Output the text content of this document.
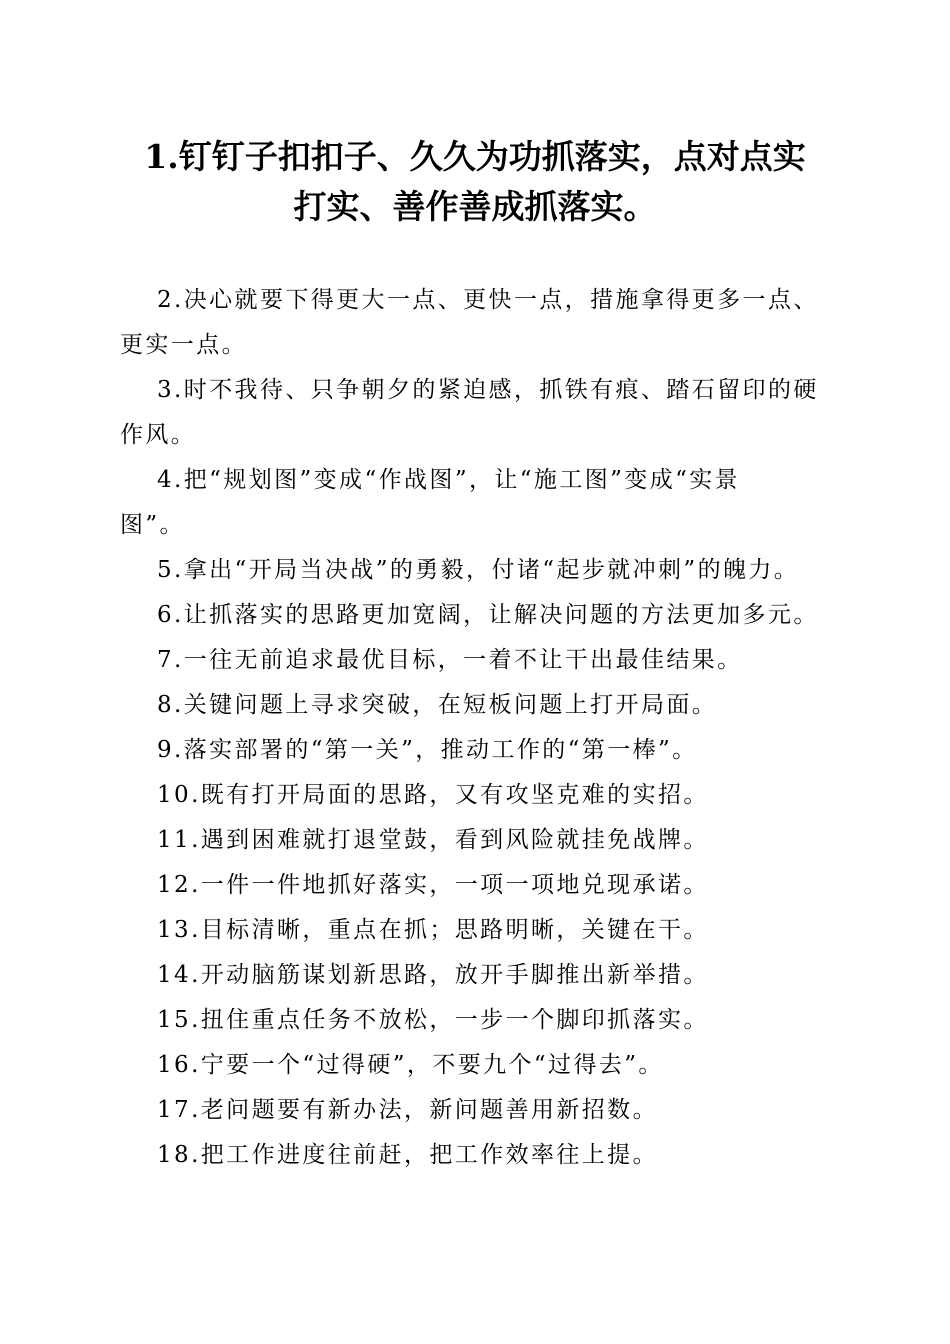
1.钉钉子扣扣子、久久为功抓落实，点对点实
打实、善作善成抓落实。
2.决心就要下得更大一点、更快一点，措施拿得更多一点、
更实一点。
3.时不我待、只争朝夕的紧迫感，抓铁有痕、踏石留印的硬
作风。
4.把“规划图”变成“作战图”，让“施工图”变成“实景
图”。
5.拿出“开局当决战”的勇毅，付诸“起步就冲刺”的魄力。
6.让抓落实的思路更加宽阔，让解决问题的方法更加多元。
7.一往无前追求最优目标，一着不让干出最佳结果。
8.关键问题上寻求突破，在短板问题上打开局面。
9.落实部署的“第一关”，推动工作的“第一棒”。
10.既有打开局面的思路，又有攻坚克难的实招。
11.遇到困难就打退堂鼓，看到风险就挂免战牌。
12.一件一件地抓好落实，一项一项地兑现承诺。
13.目标清晰，重点在抓；思路明晰，关键在干。
14.开动脑筋谋划新思路，放开手脚推出新举措。
15.扭住重点任务不放松，一步一个脚印抓落实。
16.宁要一个“过得硬”，不要九个“过得去”。
17.老问题要有新办法，新问题善用新招数。
18.把工作进度往前赶，把工作效率往上提。
